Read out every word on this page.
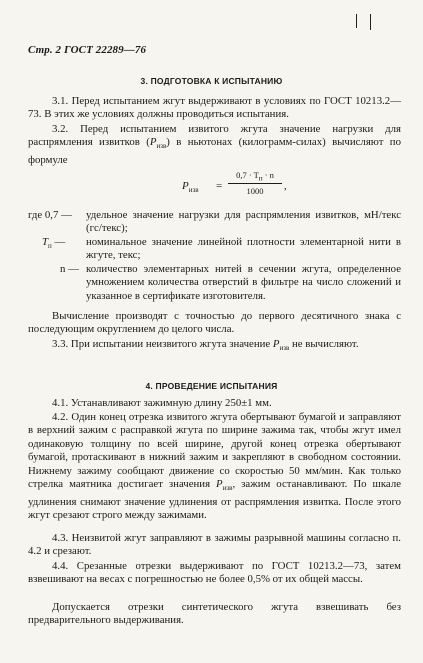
Стр. 2 ГОСТ 22289—76
3. ПОДГОТОВКА К ИСПЫТАНИЮ

3.1. Перед испытанием жгут выдерживают в условиях по ГОСТ 10213.2—73. В этих же условиях должны проводиться испытания.

3.2. Перед испытанием извитого жгута значение нагрузки для распрямления извитков $(P_{изв})$ в ньютонах (килограмм-силах) вычисляют по формуле

$P_{изв}$ =
$0,7 \cdot T_п \cdot n$
1000	,
где 0,7 —	удельное значение нагрузки для распрямления извитков, мН/текс (гс/текс);
$T_п$ —	номинальное значение линейной плотности элементарной нити в жгуте, текс;
n — количество элементарных нитей в сечении жгута, определенное умножением количества отверстий в фильтре на число сложений и указанное в сертификате изготовителя.

Вычисление производят с точностью до первого десятичного знака с последующим округлением до целого числа.

3.3. При испытании неизвитого жгута значение $P_{изв}$ не вычисляют.

4. ПРОВЕДЕНИЕ ИСПЫТАНИЯ

4.1. Устанавливают зажимную длину 250±1 мм.

4.2. Один конец отрезка извитого жгута обертывают бумагой и заправляют в верхний зажим с расправкой жгута по ширине зажима так, чтобы жгут имел одинаковую толщину по всей ширине, другой конец отрезка обертывают бумагой, протаскивают в нижний зажим и закрепляют в свободном состоянии. Нижнему зажиму сообщают движение со скоростью 50 мм/мин. Как только стрелка маятника достигает значения $P_{изв}$, зажим останавливают. По шкале удлинения снимают значение удлинения от распрямления извитка. После этого жгут срезают строго между зажимами.

4.3. Неизвитой жгут заправляют в зажимы разрывной машины согласно п. 4.2 и срезают.

4.4. Срезанные отрезки выдерживают по ГОСТ 10213.2—73, затем взвешивают на весах с погрешностью не более 0,5% от их общей массы.

Допускается отрезки синтетического жгута взвешивать без предварительного выдерживания.
